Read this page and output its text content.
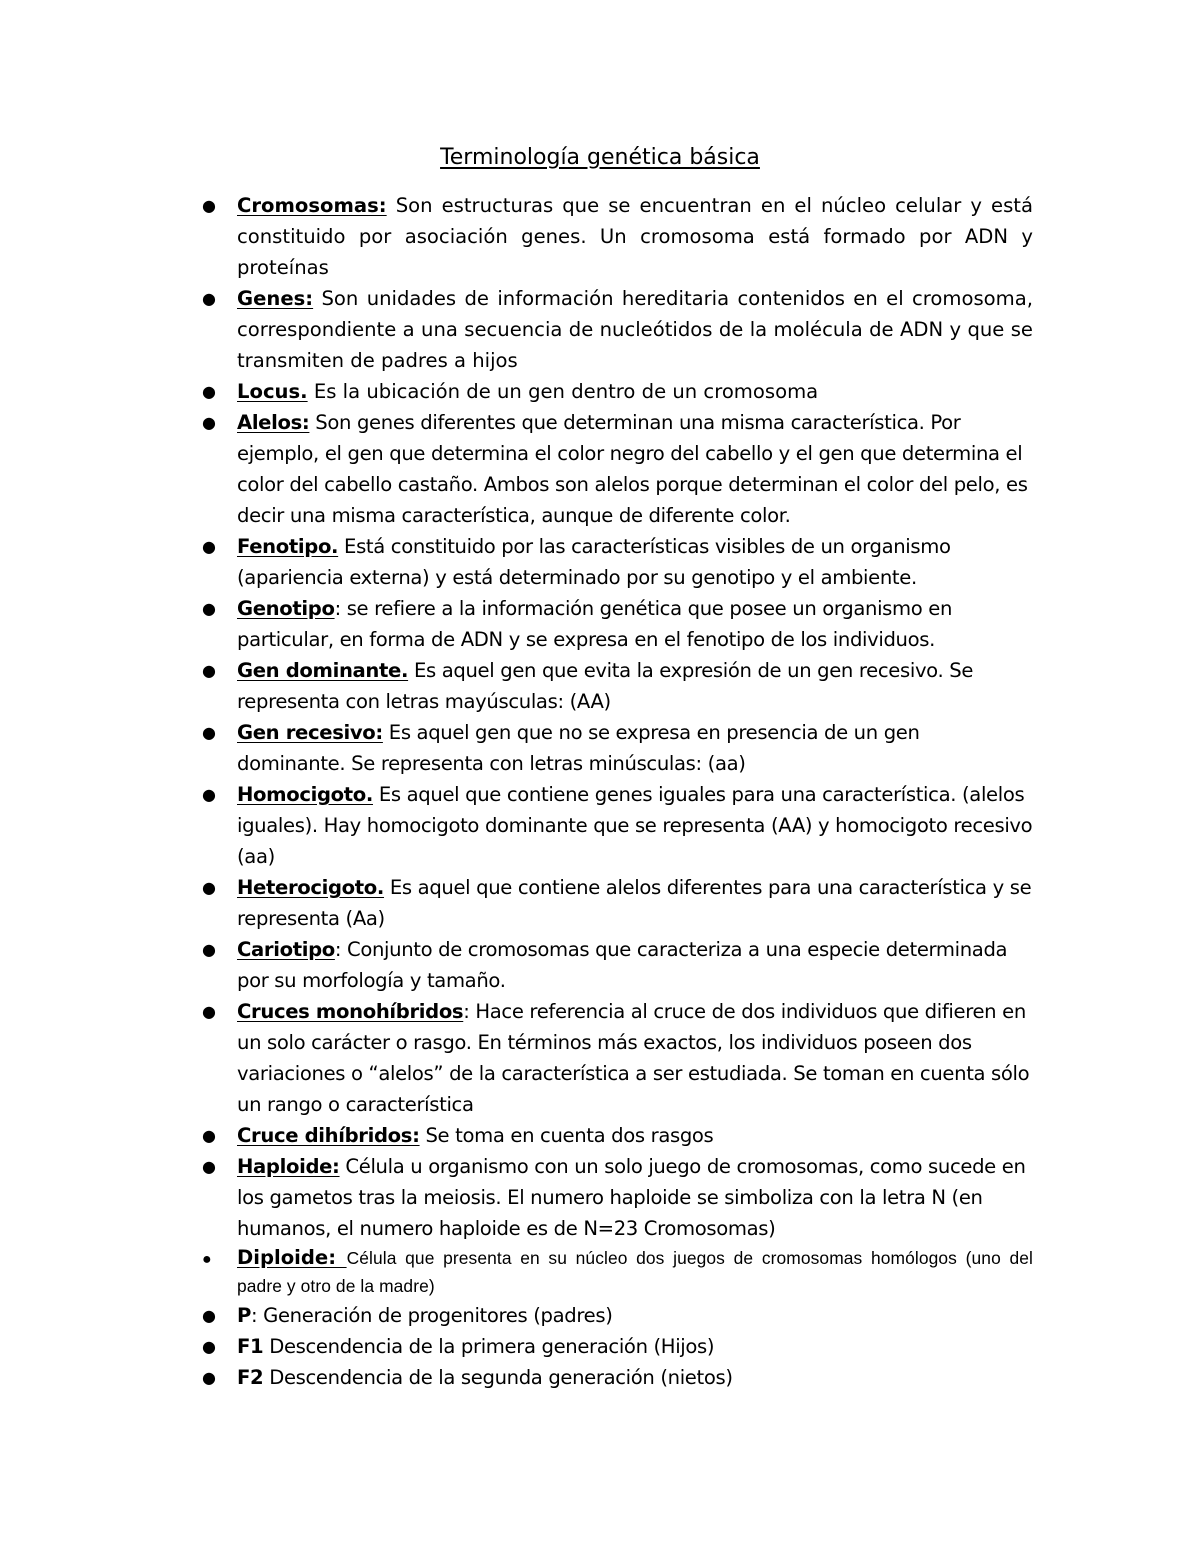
Terminología genética básica
● Cromosomas: Son estructuras que se encuentran en el núcleo celular y está constituido por asociación genes. Un cromosoma está formado por ADN y proteínas
● Genes: Son unidades de información hereditaria contenidos en el cromosoma, correspondiente a una secuencia de nucleótidos de la molécula de ADN y que se transmiten de padres a hijos
● Locus. Es la ubicación de un gen dentro de un cromosoma
● Alelos: Son genes diferentes que determinan una misma característica. Por ejemplo, el gen que determina el color negro del cabello y el gen que determina el color del cabello castaño. Ambos son alelos porque determinan el color del pelo, es decir una misma característica, aunque de diferente color.
● Fenotipo. Está constituido por las características visibles de un organismo (apariencia externa) y está determinado por su genotipo y el ambiente.
● Genotipo: se refiere a la información genética que posee un organismo en particular, en forma de ADN y se expresa en el fenotipo de los individuos.
● Gen dominante. Es aquel gen que evita la expresión de un gen recesivo. Se representa con letras mayúsculas: (AA)
● Gen recesivo: Es aquel gen que no se expresa en presencia de un gen dominante. Se representa con letras minúsculas: (aa)
● Homocigoto. Es aquel que contiene genes iguales para una característica. (alelos iguales). Hay homocigoto dominante que se representa (AA) y homocigoto recesivo (aa)
● Heterocigoto. Es aquel que contiene alelos diferentes para una característica y se representa (Aa)
● Cariotipo: Conjunto de cromosomas que caracteriza a una especie determinada por su morfología y tamaño.
● Cruces monohíbridos: Hace referencia al cruce de dos individuos que difieren en un solo carácter o rasgo. En términos más exactos, los individuos poseen dos variaciones o “alelos” de la característica a ser estudiada. Se toman en cuenta sólo un rango o característica
● Cruce dihíbridos: Se toma en cuenta dos rasgos
● Haploide: Célula u organismo con un solo juego de cromosomas, como sucede en los gametos tras la meiosis. El numero haploide se simboliza con la letra N (en humanos, el numero haploide es de N=23 Cromosomas)
● Diploide: Célula que presenta en su núcleo dos juegos de cromosomas homólogos (uno del padre y otro de la madre)
● P: Generación de progenitores (padres)
● F1 Descendencia de la primera generación (Hijos)
● F2 Descendencia de la segunda generación (nietos)
